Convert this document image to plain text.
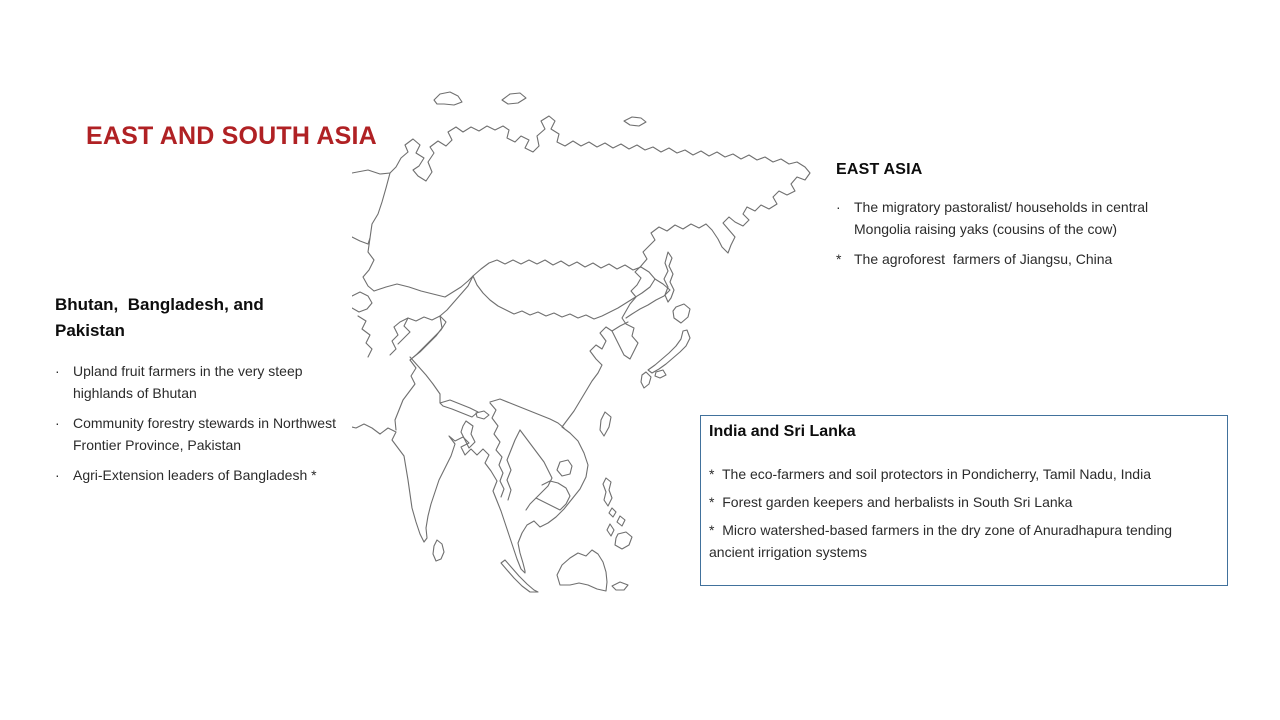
EAST AND SOUTH ASIA
EAST ASIA
· The migratory pastoralist/ households in central Mongolia raising yaks (cousins of the cow)
* The agroforest  farmers of Jiangsu, China
Bhutan,  Bangladesh, and Pakistan
· Upland fruit farmers in the very steep highlands of Bhutan
· Community forestry stewards in Northwest Frontier Province, Pakistan
· Agri-Extension leaders of Bangladesh *
India and Sri Lanka

*  The eco-farmers and soil protectors in Pondicherry, Tamil Nadu, India

*  Forest garden keepers and herbalists in South Sri Lanka

*  Micro watershed-based farmers in the dry zone of Anuradhapura tending ancient irrigation systems
